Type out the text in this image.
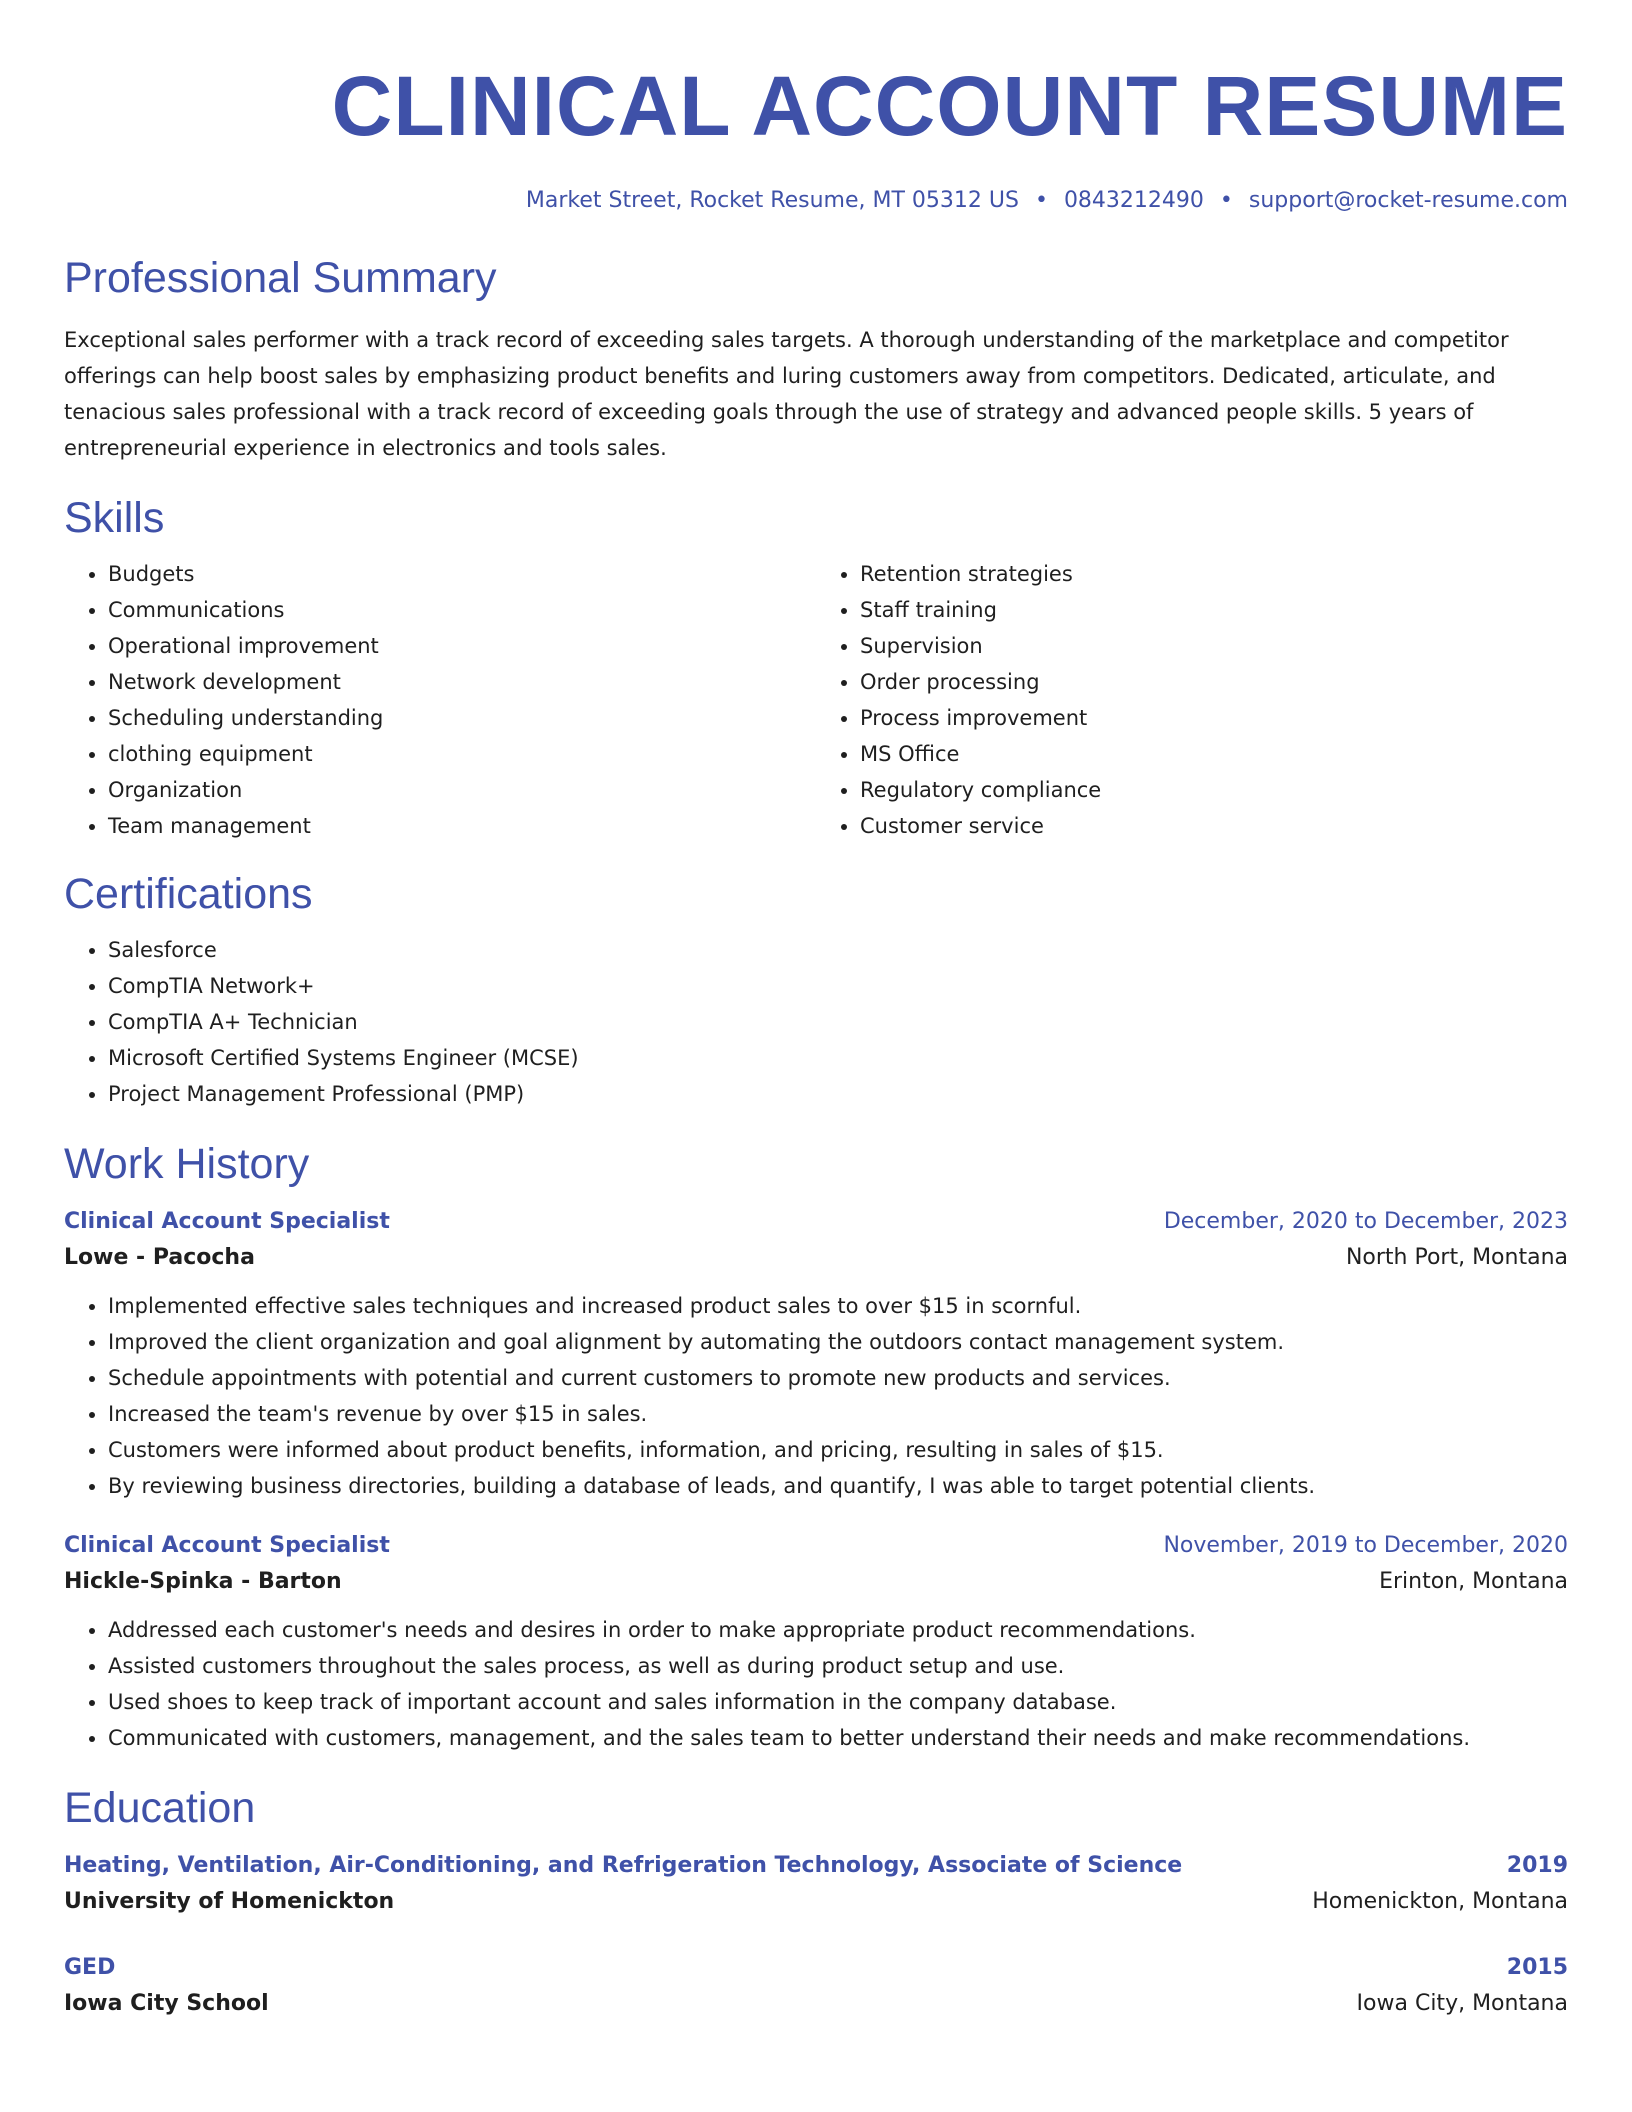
CLINICAL ACCOUNT RESUME
Market Street, Rocket Resume, MT 05312 US • 0843212490 • support@rocket-resume.com
Professional Summary

Exceptional sales performer with a track record of exceeding sales targets. A thorough understanding of the marketplace and competitor offerings can help boost sales by emphasizing product benefits and luring customers away from competitors. Dedicated, articulate, and tenacious sales professional with a track record of exceeding goals through the use of strategy and advanced people skills. 5 years of entrepreneurial experience in electronics and tools sales.

Skills
• Budgets
• Communications
• Operational improvement
• Network development
• Scheduling understanding
• clothing equipment
• Organization
• Team management
• Retention strategies
• Staff training
• Supervision
• Order processing
• Process improvement
• MS Office
• Regulatory compliance
• Customer service
Certifications
• Salesforce
• CompTIA Network+
• CompTIA A+ Technician
• Microsoft Certified Systems Engineer (MCSE)
• Project Management Professional (PMP)
Work History
Clinical Account Specialist	December, 2020 to December, 2023
Lowe - Pacocha	North Port, Montana
• Implemented effective sales techniques and increased product sales to over $15 in scornful.
• Improved the client organization and goal alignment by automating the outdoors contact management system.
• Schedule appointments with potential and current customers to promote new products and services.
• Increased the team's revenue by over $15 in sales.
• Customers were informed about product benefits, information, and pricing, resulting in sales of $15.
• By reviewing business directories, building a database of leads, and quantify, I was able to target potential clients.
Clinical Account Specialist	November, 2019 to December, 2020
Hickle-Spinka - Barton	Erinton, Montana
• Addressed each customer's needs and desires in order to make appropriate product recommendations.
• Assisted customers throughout the sales process, as well as during product setup and use.
• Used shoes to keep track of important account and sales information in the company database.
• Communicated with customers, management, and the sales team to better understand their needs and make recommendations.
Education
Heating, Ventilation, Air-Conditioning, and Refrigeration Technology, Associate of Science	2019
University of Homenickton	Homenickton, Montana
GED	2015
Iowa City School	Iowa City, Montana
